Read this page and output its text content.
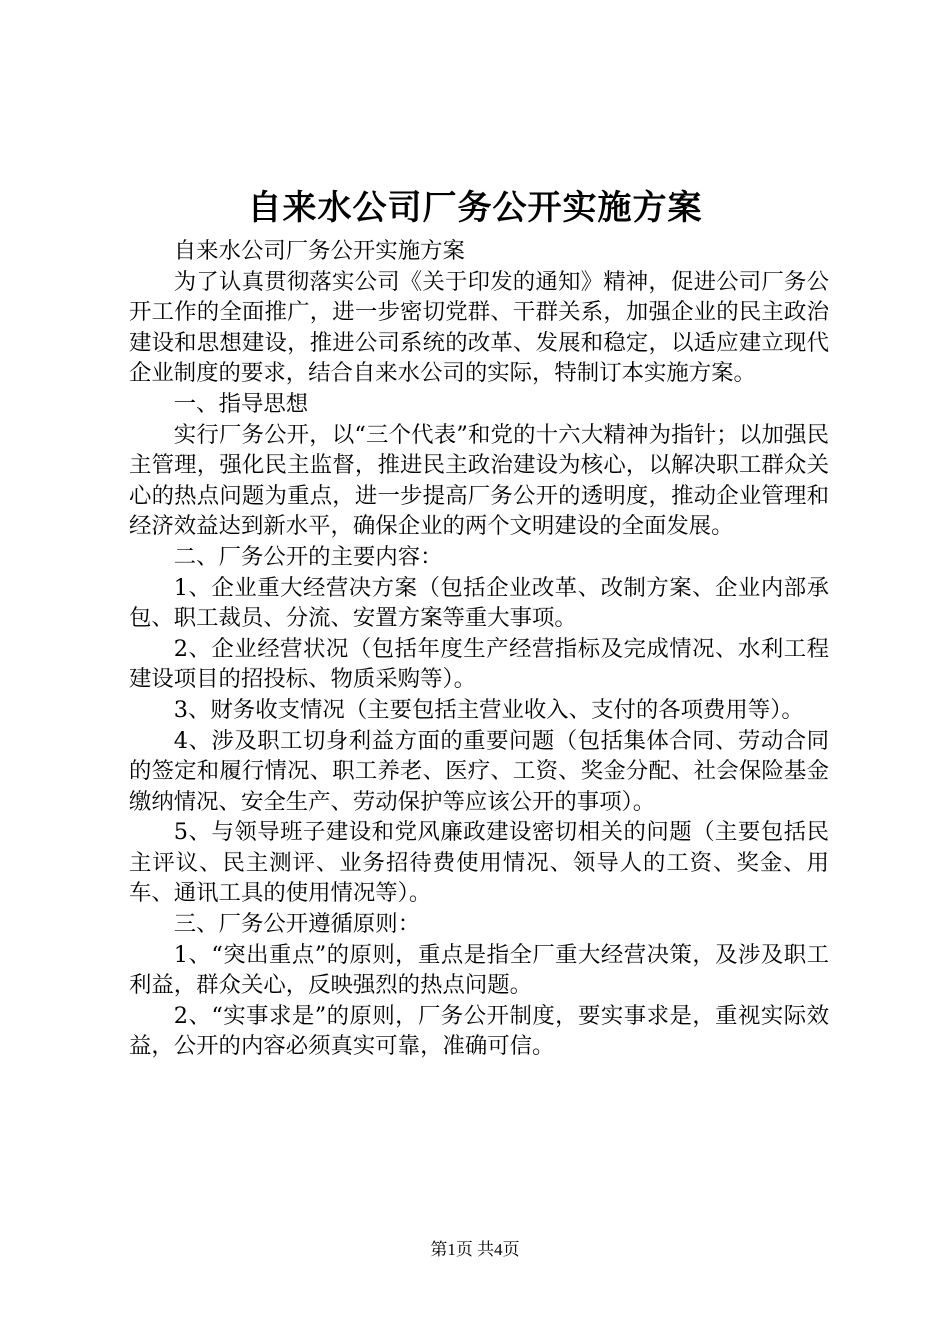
自来水公司厂务公开实施方案

自来水公司厂务公开实施方案

为了认真贯彻落实公司《关于印发的通知》精神，促进公司厂务公开工作的全面推广，进一步密切党群、干群关系，加强企业的民主政治建设和思想建设，推进公司系统的改革、发展和稳定，以适应建立现代企业制度的要求，结合自来水公司的实际，特制订本实施方案。

一、指导思想

实行厂务公开，以“三个代表”和党的十六大精神为指针；以加强民主管理，强化民主监督，推进民主政治建设为核心，以解决职工群众关心的热点问题为重点，进一步提高厂务公开的透明度，推动企业管理和经济效益达到新水平，确保企业的两个文明建设的全面发展。

二、厂务公开的主要内容：

1、企业重大经营决方案（包括企业改革、改制方案、企业内部承包、职工裁员、分流、安置方案等重大事项。

2、企业经营状况（包括年度生产经营指标及完成情况、水利工程建设项目的招投标、物质采购等）。

3、财务收支情况（主要包括主营业收入、支付的各项费用等）。

4、涉及职工切身利益方面的重要问题（包括集体合同、劳动合同的签定和履行情况、职工养老、医疗、工资、奖金分配、社会保险基金缴纳情况、安全生产、劳动保护等应该公开的事项）。

5、与领导班子建设和党风廉政建设密切相关的问题（主要包括民主评议、民主测评、业务招待费使用情况、领导人的工资、奖金、用车、通讯工具的使用情况等）。

三、厂务公开遵循原则：

1、“突出重点”的原则，重点是指全厂重大经营决策，及涉及职工利益，群众关心，反映强烈的热点问题。

2、“实事求是”的原则，厂务公开制度，要实事求是，重视实际效益，公开的内容必须真实可靠，准确可信。

第1页 共4页
